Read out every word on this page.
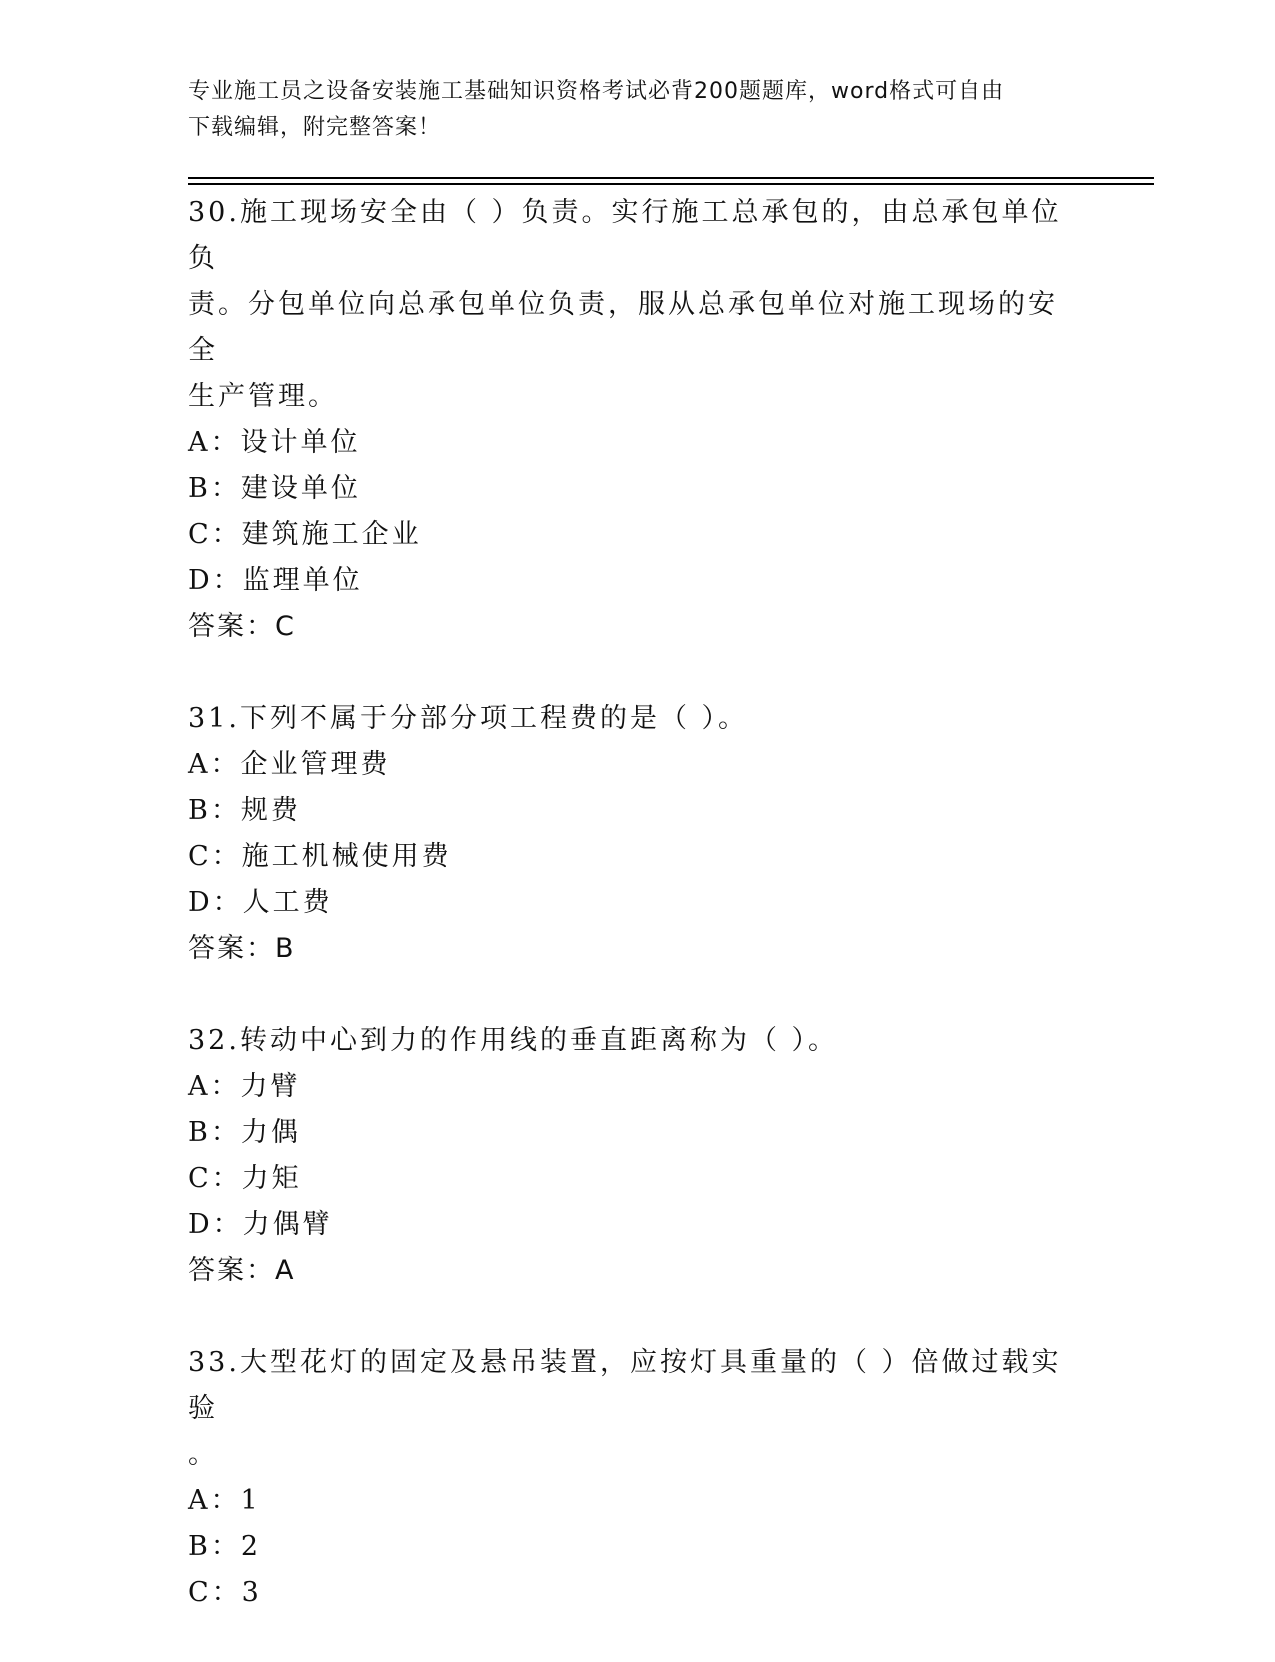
专业施工员之设备安装施工基础知识资格考试必背200题题库，word格式可自由
下载编辑，附完整答案！
30.施工现场安全由（ ）负责。实行施工总承包的，由总承包单位负
责。分包单位向总承包单位负责，服从总承包单位对施工现场的安全
生产管理。
A：设计单位
B：建设单位
C：建筑施工企业
D：监理单位
答案：C
31.下列不属于分部分项工程费的是（ ）。
A：企业管理费
B：规费
C：施工机械使用费
D：人工费
答案：B
32.转动中心到力的作用线的垂直距离称为（ ）。
A：力臂
B：力偶
C：力矩
D：力偶臂
答案：A
33.大型花灯的固定及悬吊装置，应按灯具重量的（ ）倍做过载实验
。
A：1
B：2
C：3
